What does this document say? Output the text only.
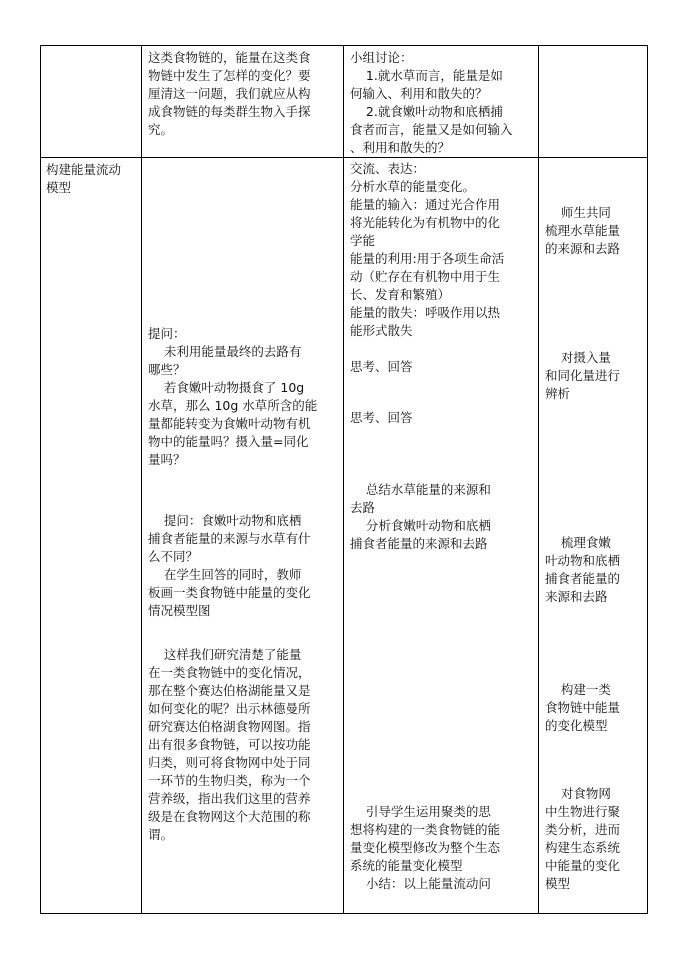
这类食物链的，能量在这类食
物链中发生了怎样的变化？要
厘清这一问题，我们就应从构
成食物链的每类群生物入手探
究。
小组讨论：
1.就水草而言，能量是如
何输入、利用和散失的？
2.就食嫩叶动物和底栖捕
食者而言，能量又是如何输入
、利用和散失的？
构建能量流动
模型
提问：
未利用能量最终的去路有
哪些？
若食嫩叶动物摄食了 10g
水草，那么 10g 水草所含的能
量都能转变为食嫩叶动物有机
物中的能量吗？摄入量=同化
量吗？
提问：食嫩叶动物和底栖
捕食者能量的来源与水草有什
么不同？
在学生回答的同时，教师
板画一类食物链中能量的变化
情况模型图
这样我们研究清楚了能量
在一类食物链中的变化情况，
那在整个赛达伯格湖能量又是
如何变化的呢？出示林德曼所
研究赛达伯格湖食物网图。指
出有很多食物链，可以按功能
归类，则可将食物网中处于同
一环节的生物归类，称为一个
营养级，指出我们这里的营养
级是在食物网这个大范围的称
谓。
交流、表达：
分析水草的能量变化。
能量的输入：通过光合作用
将光能转化为有机物中的化
学能
能量的利用:用于各项生命活
动（贮存在有机物中用于生
长、发育和繁殖）
能量的散失：呼吸作用以热
能形式散失
思考、回答
思考、回答
总结水草能量的来源和
去路
分析食嫩叶动物和底栖
捕食者能量的来源和去路
引导学生运用聚类的思
想将构建的一类食物链的能
量变化模型修改为整个生态
系统的能量变化模型
小结：以上能量流动问
师生共同
梳理水草能量
的来源和去路
对摄入量
和同化量进行
辨析
梳理食嫩
叶动物和底栖
捕食者能量的
来源和去路
构建一类
食物链中能量
的变化模型
对食物网
中生物进行聚
类分析，进而
构建生态系统
中能量的变化
模型
